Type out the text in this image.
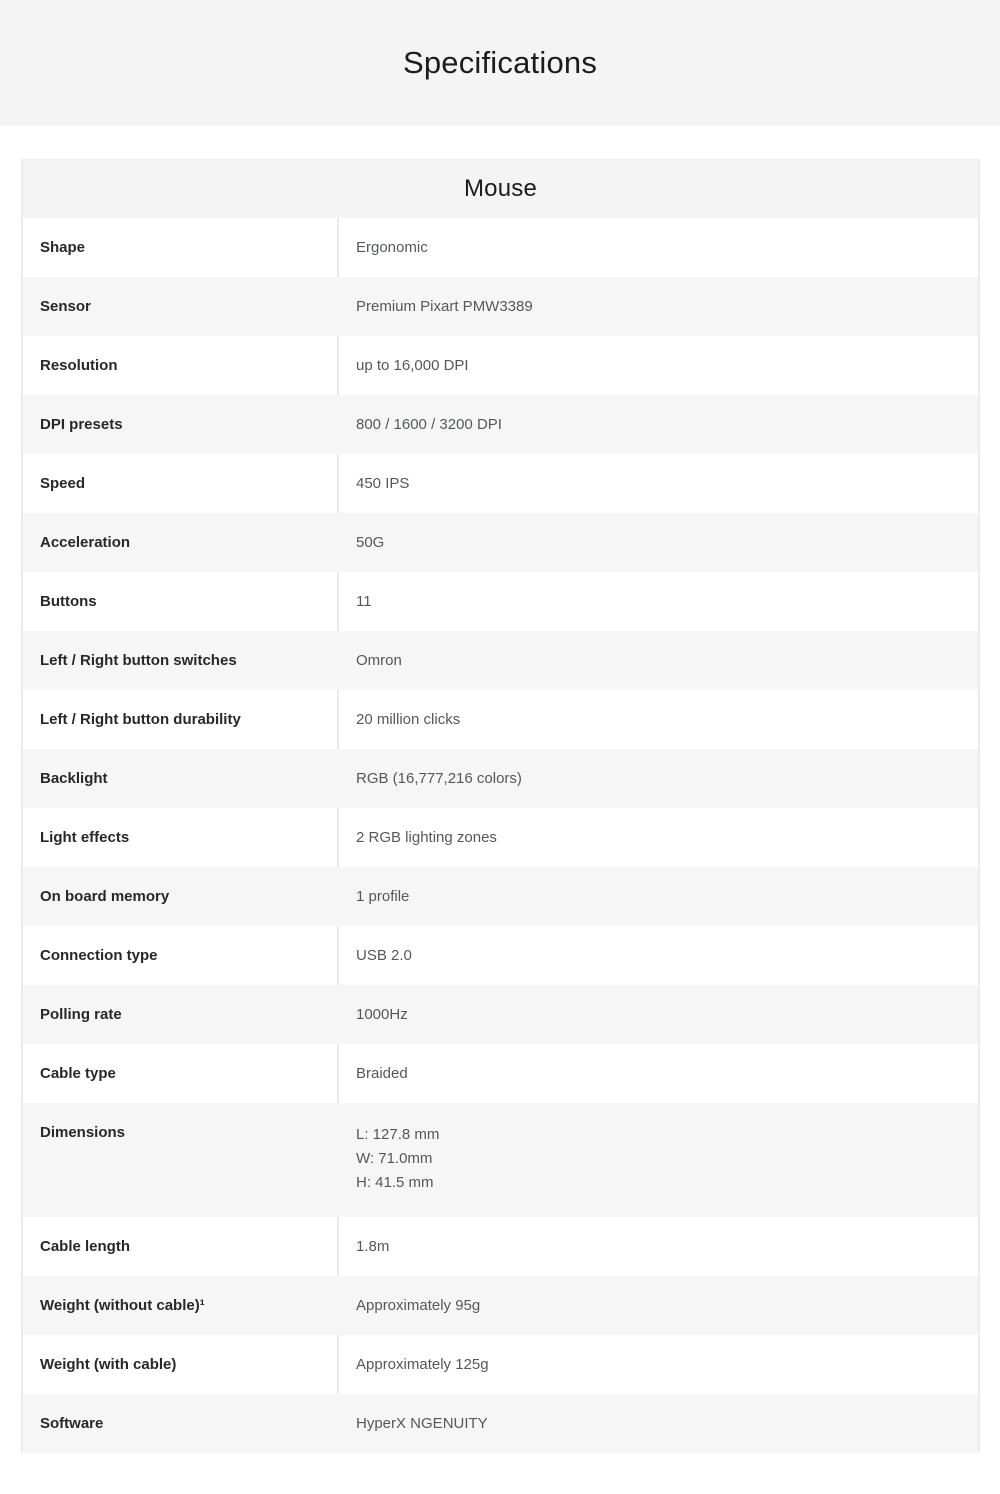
Specifications
Mouse
Shape	Ergonomic
Sensor	Premium Pixart PMW3389
Resolution	up to 16,000 DPI
DPI presets	800 / 1600 / 3200 DPI
Speed	450 IPS
Acceleration	50G
Buttons	11
Left / Right button switches	Omron
Left / Right button durability	20 million clicks
Backlight	RGB (16,777,216 colors)
Light effects	2 RGB lighting zones
On board memory	1 profile
Connection type	USB 2.0
Polling rate	1000Hz
Cable type	Braided
Dimensions	L: 127.8 mm
W: 71.0mm
H: 41.5 mm
Cable length	1.8m
Weight (without cable)¹	Approximately 95g
Weight (with cable)	Approximately 125g
Software	HyperX NGENUITY
